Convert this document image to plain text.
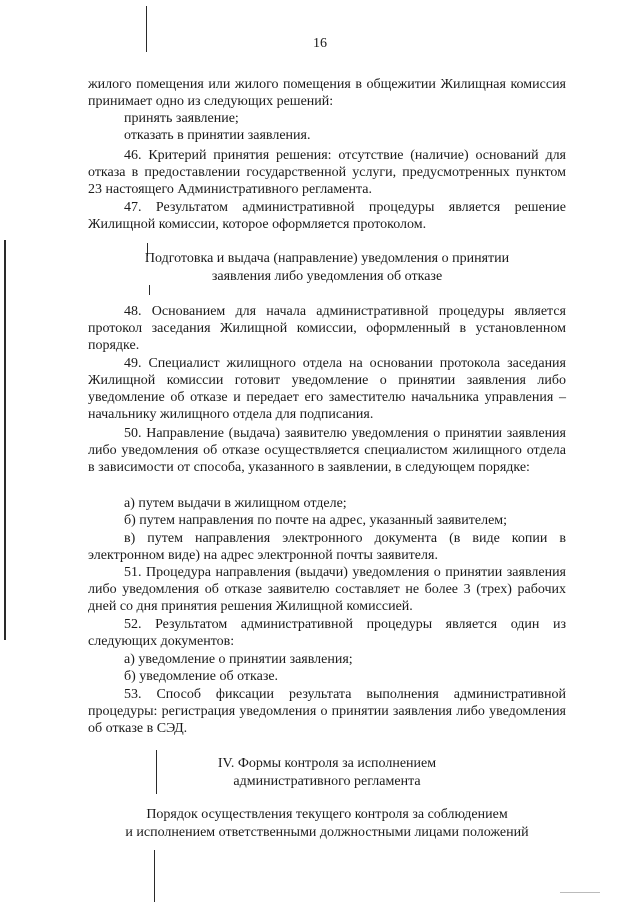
16

жилого помещения или жилого помещения в общежитии Жилищная комиссия принимает одно из следующих решений:

принять заявление;

отказать в принятии заявления.

46. Критерий принятия решения: отсутствие (наличие) оснований для отказа в предоставлении государственной услуги, предусмотренных пунктом 23 настоящего Административного регламента.

47. Результатом административной процедуры является решение Жилищной комиссии, которое оформляется протоколом.

Подготовка и выдача (направление) уведомления о принятии
заявления либо уведомления об отказе

48. Основанием для начала административной процедуры является протокол заседания Жилищной комиссии, оформленный в установленном порядке.

49. Специалист жилищного отдела на основании протокола заседания Жилищной комиссии готовит уведомление о принятии заявления либо уведомление об отказе и передает его заместителю начальника управления – начальнику жилищного отдела для подписания.

50. Направление (выдача) заявителю уведомления о принятии заявления либо уведомления об отказе осуществляется специалистом жилищного отдела в зависимости от способа, указанного в заявлении, в следующем порядке:

а) путем выдачи в жилищном отделе;

б) путем направления по почте на адрес, указанный заявителем;

в) путем направления электронного документа (в виде копии в электронном виде) на адрес электронной почты заявителя.

51. Процедура направления (выдачи) уведомления о принятии заявления либо уведомления об отказе заявителю составляет не более 3 (трех) рабочих дней со дня принятия решения Жилищной комиссией.

52. Результатом административной процедуры является один из следующих документов:

а) уведомление о принятии заявления;

б) уведомление об отказе.

53. Способ фиксации результата выполнения административной процедуры: регистрация уведомления о принятии заявления либо уведомления об отказе в СЭД.

IV. Формы контроля за исполнением
административного регламента
Порядок осуществления текущего контроля за соблюдением
и исполнением ответственными должностными лицами положений
